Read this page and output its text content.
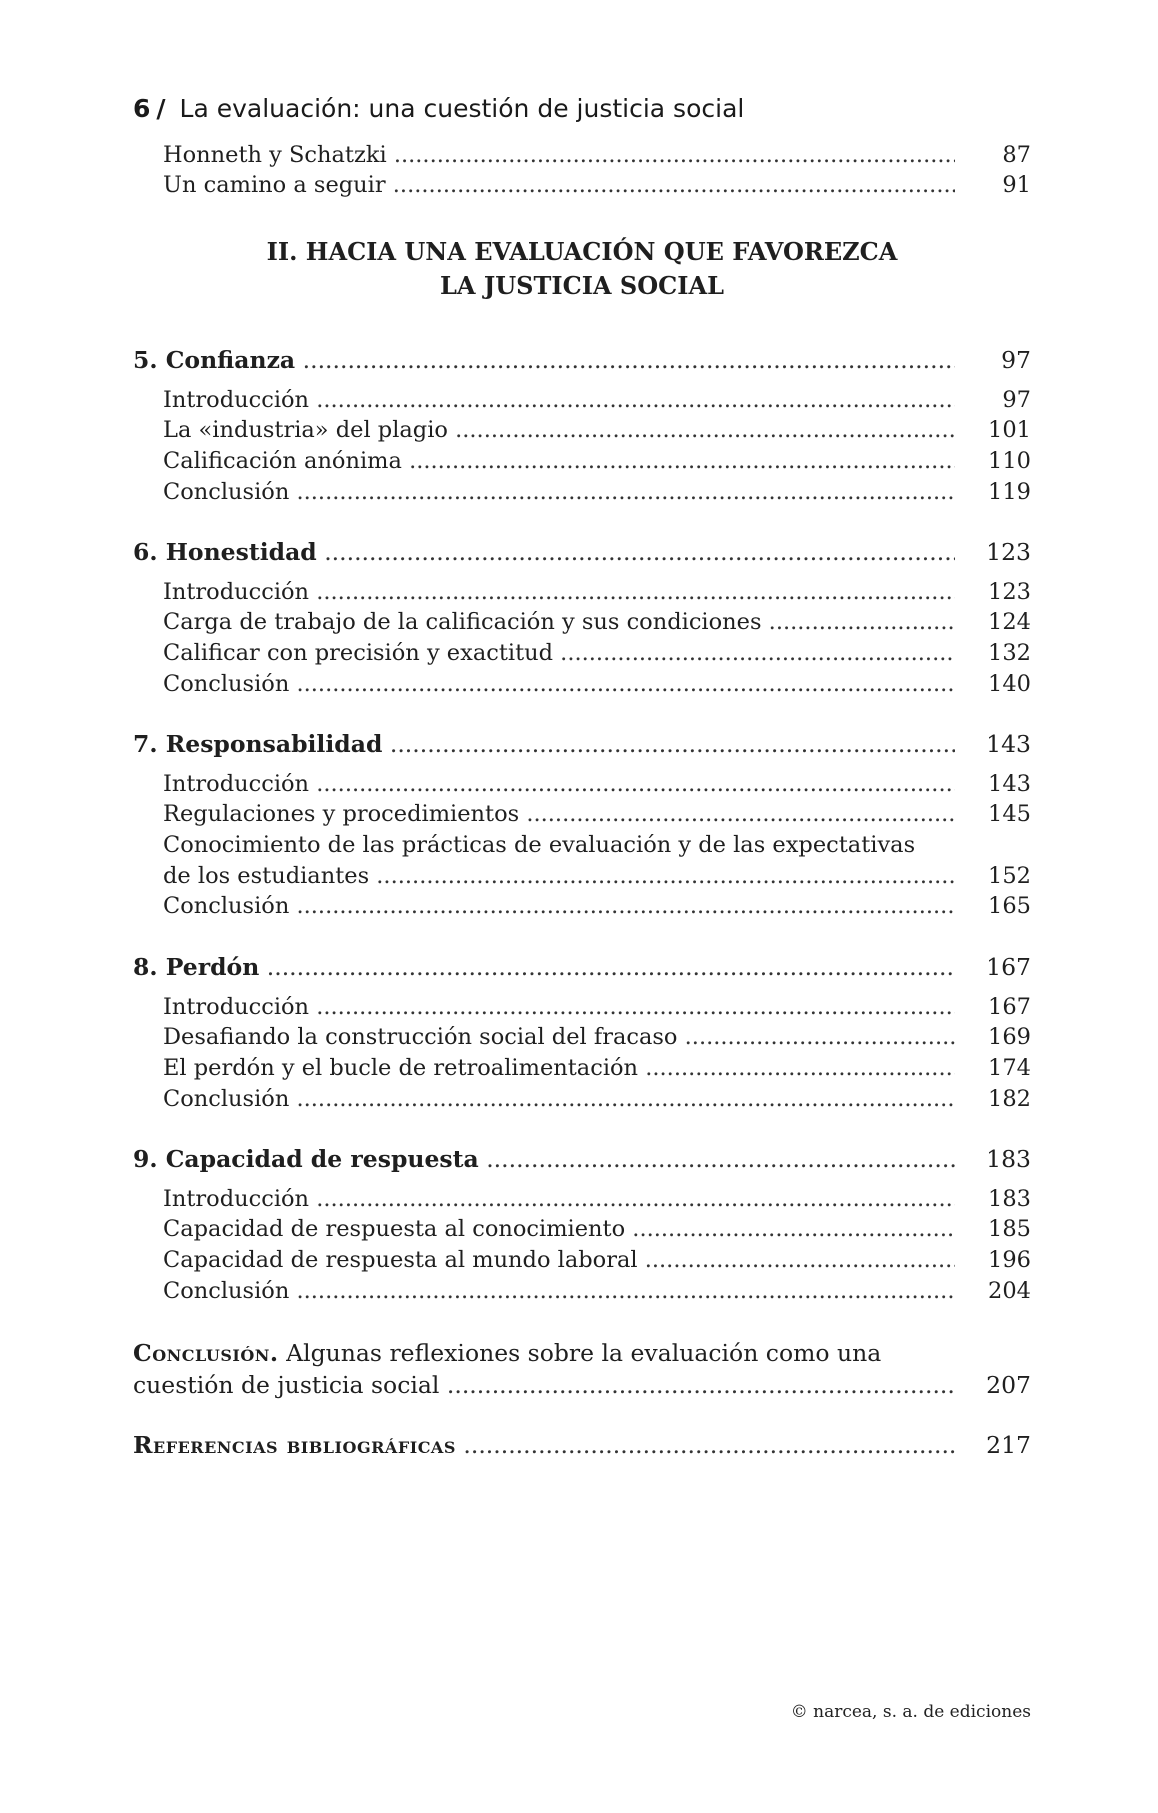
6 / La evaluación: una cuestión de justicia social
Honneth y Schatzki .....	87
Un camino a seguir .....	91
II. HACIA UNA EVALUACIÓN QUE FAVOREZCA
LA JUSTICIA SOCIAL
5. Confianza .....	97
Introducción .....	97
La «industria» del plagio .....	101
Calificación anónima .....	110
Conclusión .....	119
6. Honestidad .....	123
Introducción .....	123
Carga de trabajo de la calificación y sus condiciones .....	124
Calificar con precisión y exactitud .....	132
Conclusión .....	140
7. Responsabilidad .....	143
Introducción .....	143
Regulaciones y procedimientos .....	145
Conocimiento de las prácticas de evaluación y de las expectativas
de los estudiantes .....	152
Conclusión .....	165
8. Perdón .....	167
Introducción .....	167
Desafiando la construcción social del fracaso .....	169
El perdón y el bucle de retroalimentación .....	174
Conclusión .....	182
9. Capacidad de respuesta .....	183
Introducción .....	183
Capacidad de respuesta al conocimiento .....	185
Capacidad de respuesta al mundo laboral .....	196
Conclusión .....	204
Conclusión. Algunas reflexiones sobre la evaluación como una
cuestión de justicia social .....	207
Referencias bibliográficas .....	217
© narcea, s. a. de ediciones
